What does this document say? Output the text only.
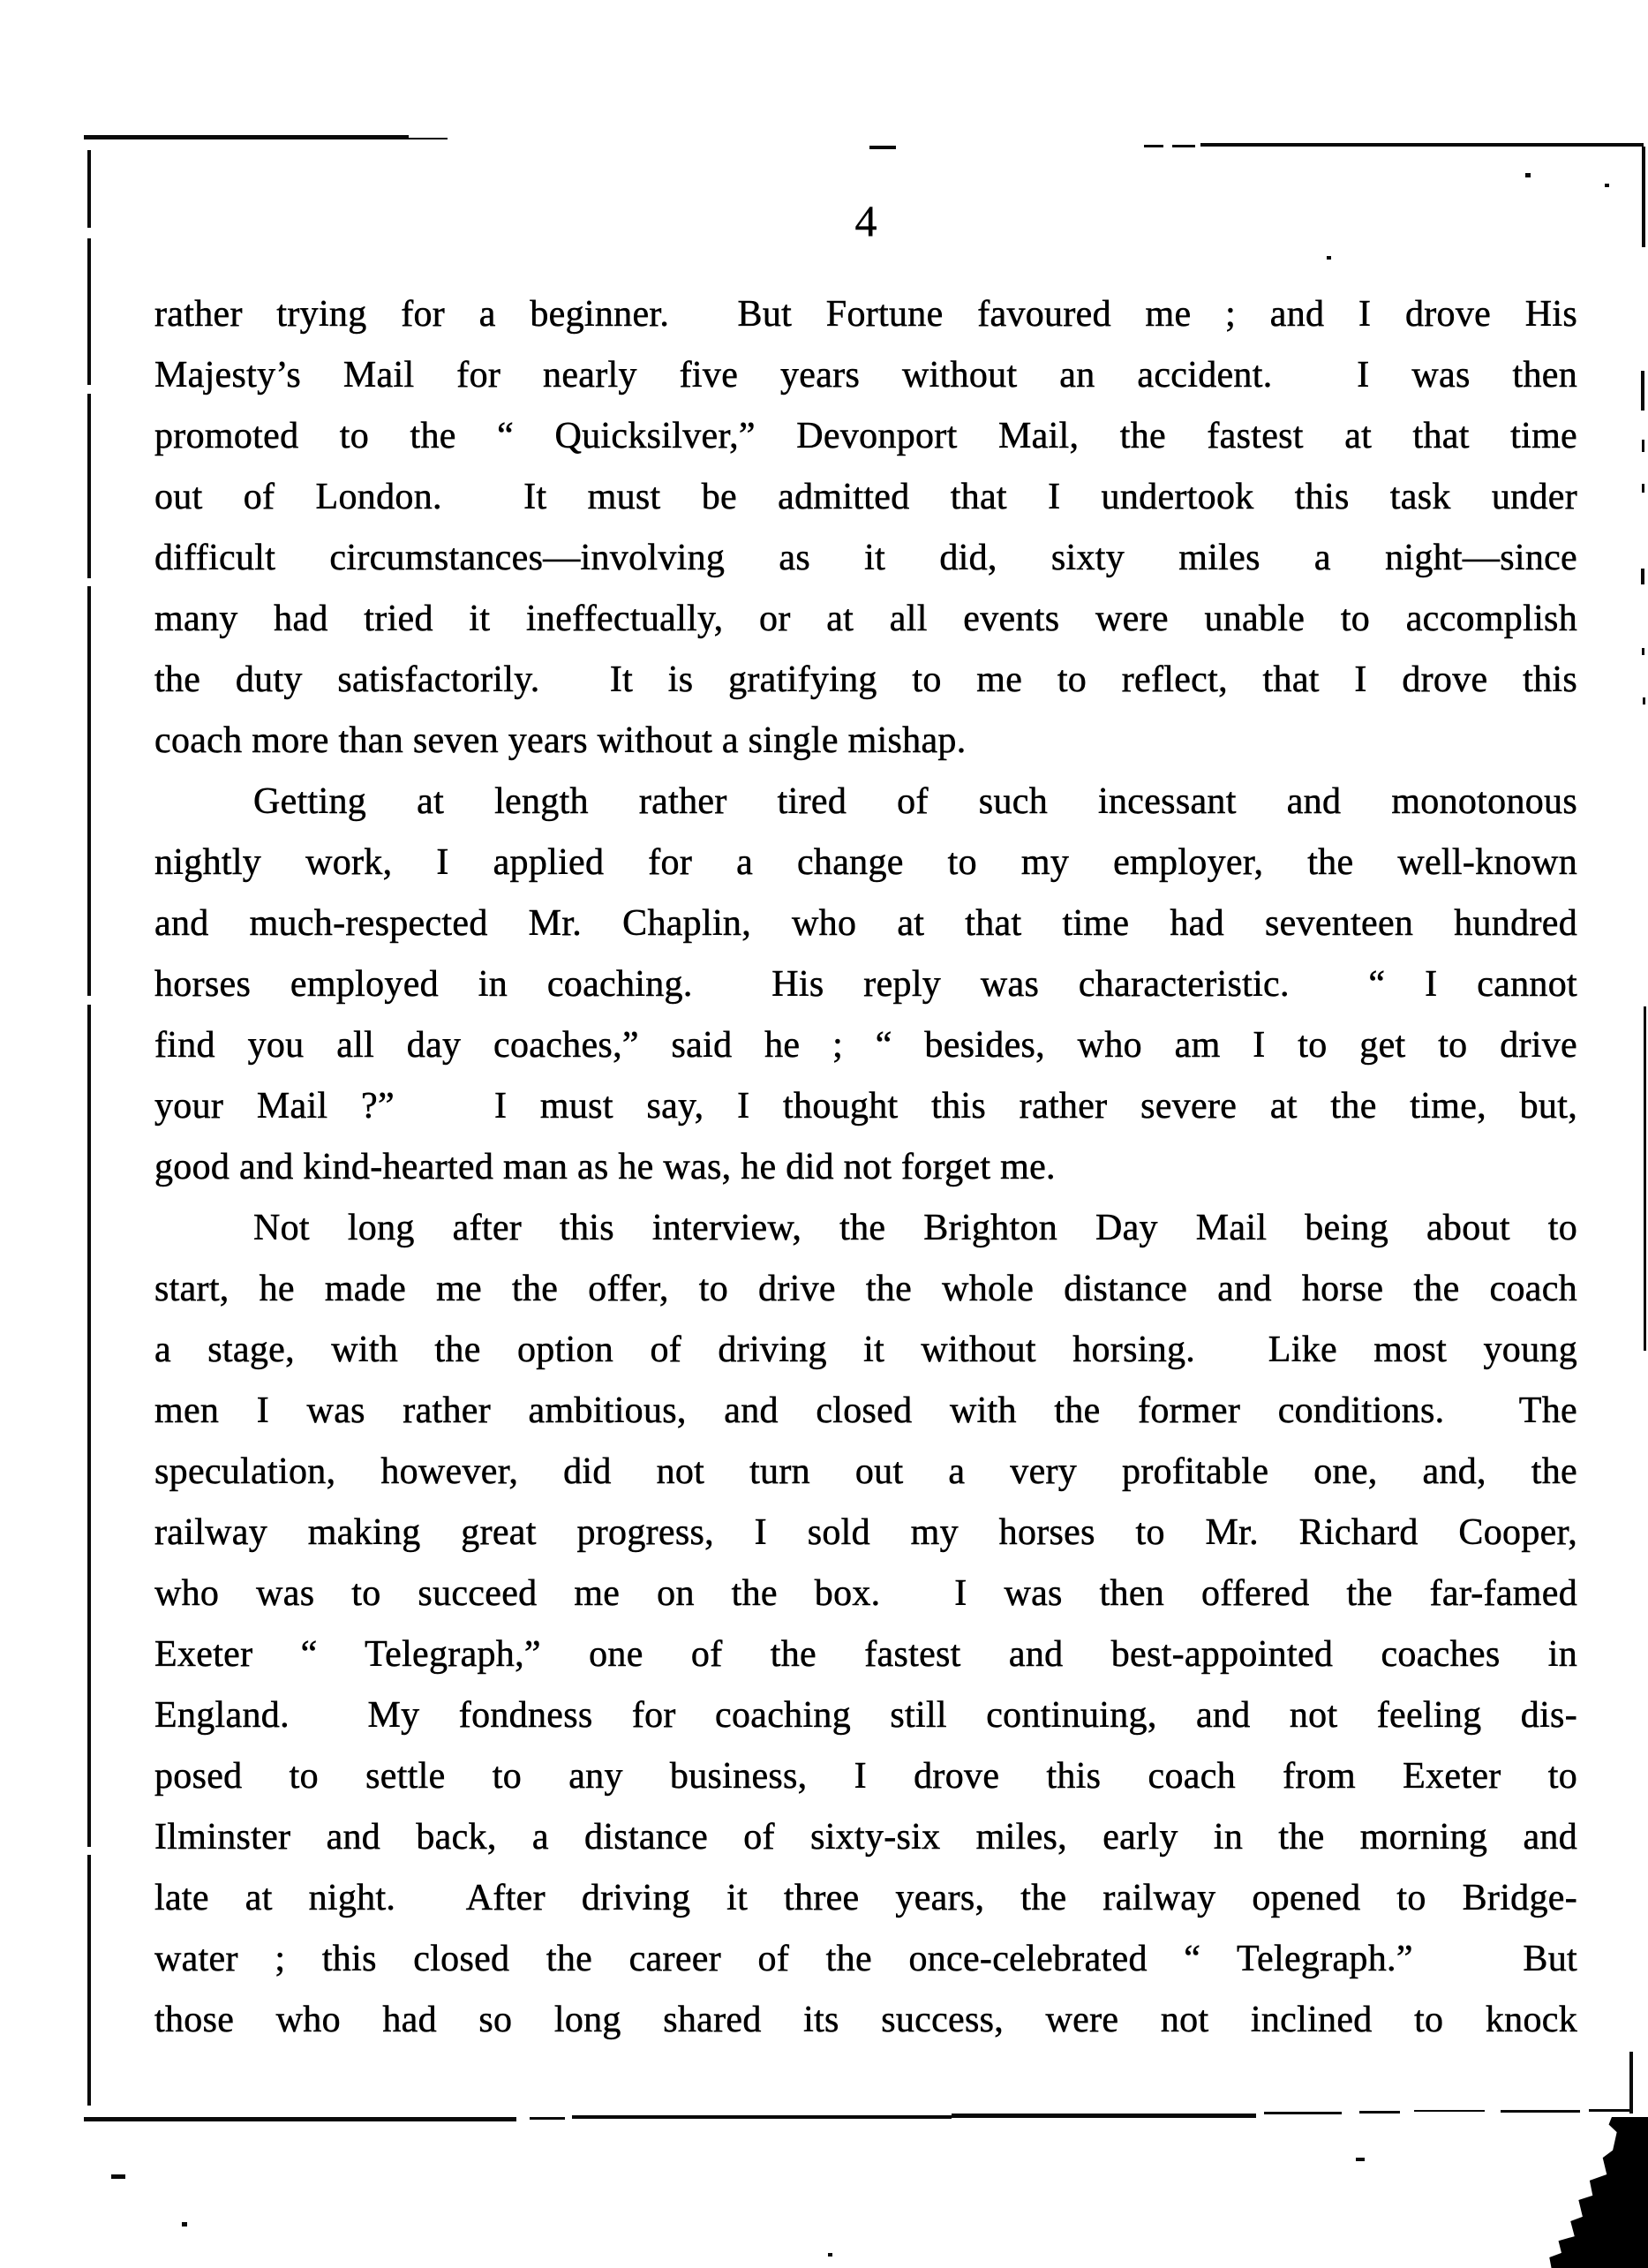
4
rather trying for a beginner.  But Fortune favoured me ; and I drove His
Majesty’s Mail for nearly five years without an accident.  I was then
promoted to the “ Quicksilver,” Devonport Mail, the fastest at that time
out of London.  It must be admitted that I undertook this task under
difficult circumstances—involving as it did, sixty miles a night—since
many had tried it ineffectually, or at all events were unable to accomplish
the duty satisfactorily.  It is gratifying to me to reflect, that I drove this
coach more than seven years without a single mishap.
Getting at length rather tired of such incessant and monotonous
nightly work, I applied for a change to my employer, the well-known
and much-respected Mr. Chaplin, who at that time had seventeen hundred
horses employed in coaching.  His reply was characteristic.  “ I cannot
find you all day coaches,” said he ; “ besides, who am I to get to drive
your Mail ?”   I must say, I thought this rather severe at the time, but,
good and kind-hearted man as he was, he did not forget me.
Not long after this interview, the Brighton Day Mail being about to
start, he made me the offer, to drive the whole distance and horse the coach
a stage, with the option of driving it without horsing.  Like most young
men I was rather ambitious, and closed with the former conditions.  The
speculation, however, did not turn out a very profitable one, and, the
railway making great progress, I sold my horses to Mr. Richard Cooper,
who was to succeed me on the box.  I was then offered the far-famed
Exeter “ Telegraph,” one of the fastest and best-appointed coaches in
England.  My fondness for coaching still continuing, and not feeling dis-
posed to settle to any business, I drove this coach from Exeter to
Ilminster and back, a distance of sixty-six miles, early in the morning and
late at night.  After driving it three years, the railway opened to Bridge-
water ; this closed the career of the once-celebrated “ Telegraph.”   But
those who had so long shared its success, were not inclined to knock
